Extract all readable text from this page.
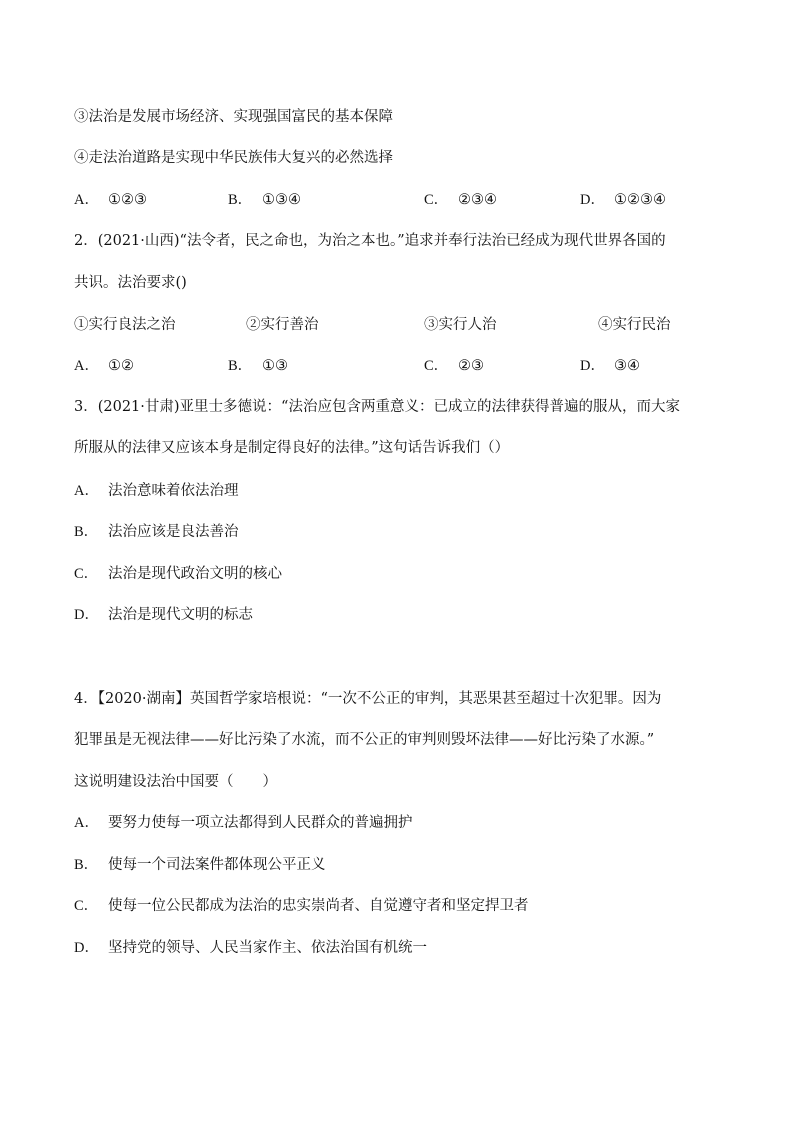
③法治是发展市场经济、实现强国富民的基本保障
④走法治道路是实现中华民族伟大复兴的必然选择
A． ①②③	B． ①③④	C． ②③④	D． ①②③④
2．(2021·山西)“法令者，民之命也，为治之本也。”追求并奉行法治已经成为现代世界各国的
共识。法治要求()
①实行良法之治	②实行善治	③实行人治	④实行民治
A． ①②	B． ①③	C． ②③	D． ③④
3．(2021·甘肃)亚里士多德说：“法治应包含两重意义：已成立的法律获得普遍的服从，而大家
所服从的法律又应该本身是制定得良好的法律。”这句话告诉我们（）
A． 法治意味着依法治理
B． 法治应该是良法善治
C． 法治是现代政治文明的核心
D． 法治是现代文明的标志
4．【2020·湖南】英国哲学家培根说：“一次不公正的审判，其恶果甚至超过十次犯罪。因为
犯罪虽是无视法律——好比污染了水流，而不公正的审判则毁坏法律——好比污染了水源。”
这说明建设法治中国要（　　）
A． 要努力使每一项立法都得到人民群众的普遍拥护
B． 使每一个司法案件都体现公平正义
C． 使每一位公民都成为法治的忠实崇尚者、自觉遵守者和坚定捍卫者
D． 坚持党的领导、人民当家作主、依法治国有机统一
